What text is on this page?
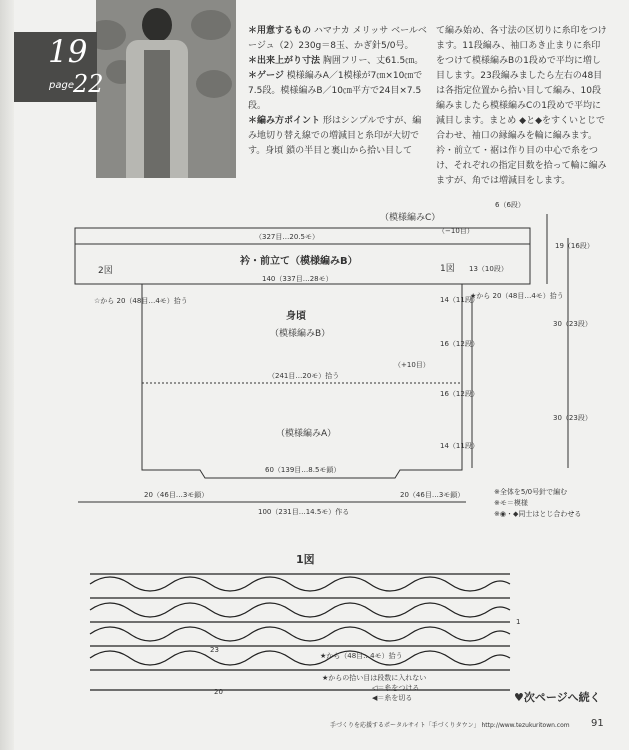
19
page 22
＊用意するもの ハマナカ メリッサ ベールベージュ（2）230g＝8玉、かぎ針5/0号。
＊出来上がり寸法 胸囲フリー、丈61.5㎝。
＊ゲージ 模様編みA／1模様が7㎝×10㎝で7.5段。模様編みB／10㎝平方で24目×7.5段。
＊編み方ポイント 形はシンプルですが、編み地切り替え線での増減目と糸印が大切です。身頃 鎖の半目と裏山から拾い目して
て編み始め、各寸法の区切りに糸印をつけます。11段編み、袖口あき止まりに糸印をつけて模様編みBの1段めで平均に増し目します。23段編みましたら左右の48目は各指定位置から拾い目して編み、10段編みましたら模様編みCの1段めで平均に減目します。まとめ ◆と◆をすくいとじで合わせ、袖口の縁編みを輪に編みます。衿・前立て・裾は作り目の中心で糸をつけ、それぞれの指定目数を拾って輪に編みますが、角では増減目をします。
（模様編みC）
（327目…20.5モ）
（−10目）
6（6段）
衿・前立て（模様編みB）
2図	1図 13（10段）
19（16段）
140（337目…28モ）
☆から 20（48目…4モ）拾う
★から 20（48目…4モ）拾う
14（11段）
30（23段）
身頃
（模様編みB）
16（12段）
（+10目）
（241目…20モ）拾う
16（12段）
30（23段）
（模様編みA）
14（11段）
60（139目…8.5モ鎖）
20（46目…3モ鎖）	20（46目…3モ鎖）
100（231目…14.5モ）作る
※全体を5/0号針で編む
※モ＝模様
※◉・◆同士はとじ合わせる
1図
★から（48目…4モ）拾う
★からの拾い目は段数に入れない
◁＝糸をつける
◀＝糸を切る
23
20
1
♥次ページへ続く
手づくりを応援するポータルサイト「手づくりタウン」 http://www.tezukuritown.com 91
